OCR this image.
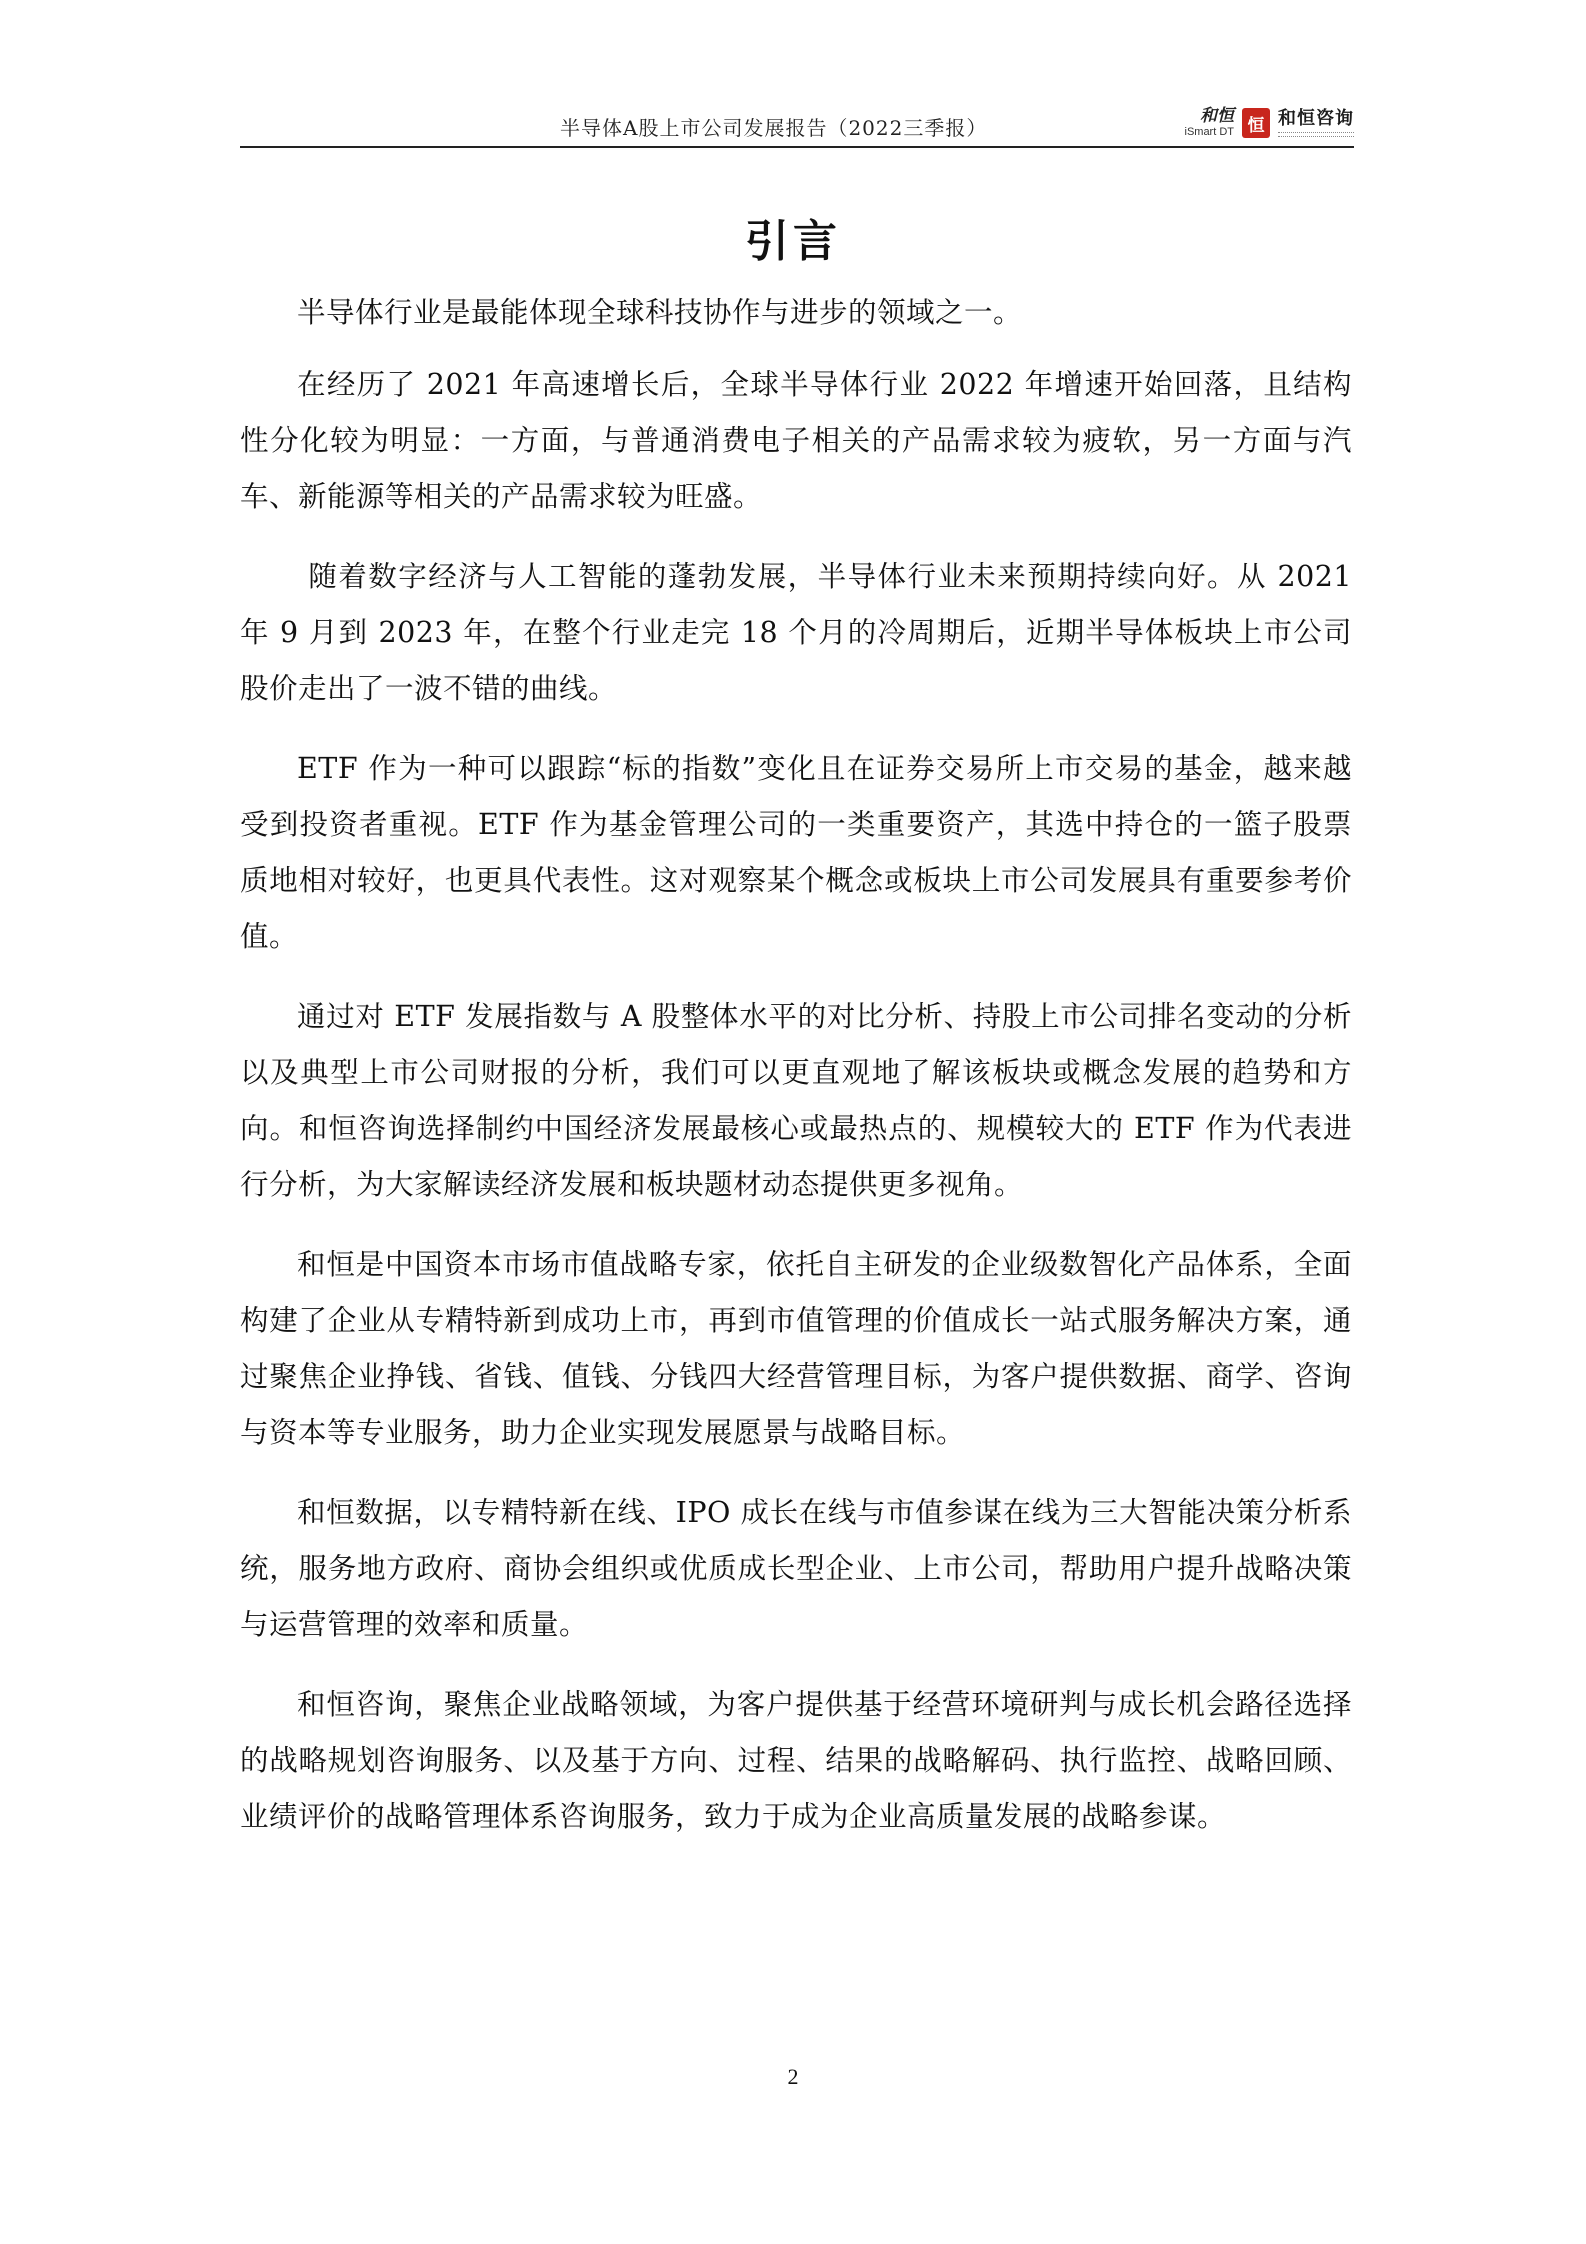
半导体A股上市公司发展报告（2022三季报）	和恒
iSmart DT 恒 和恒咨询
引言

半导体行业是最能体现全球科技协作与进步的领域之一。

在经历了 2021 年高速增长后，全球半导体行业 2022 年增速开始回落，且结构性分化较为明显：一方面，与普通消费电子相关的产品需求较为疲软，另一方面与汽车、新能源等相关的产品需求较为旺盛。

随着数字经济与人工智能的蓬勃发展，半导体行业未来预期持续向好。从 2021 年 9 月到 2023 年，在整个行业走完 18 个月的冷周期后，近期半导体板块上市公司股价走出了一波不错的曲线。

ETF 作为一种可以跟踪“标的指数”变化且在证券交易所上市交易的基金，越来越受到投资者重视。ETF 作为基金管理公司的一类重要资产，其选中持仓的一篮子股票质地相对较好，也更具代表性。这对观察某个概念或板块上市公司发展具有重要参考价值。

通过对 ETF 发展指数与 A 股整体水平的对比分析、持股上市公司排名变动的分析以及典型上市公司财报的分析，我们可以更直观地了解该板块或概念发展的趋势和方向。和恒咨询选择制约中国经济发展最核心或最热点的、规模较大的 ETF 作为代表进行分析，为大家解读经济发展和板块题材动态提供更多视角。

和恒是中国资本市场市值战略专家，依托自主研发的企业级数智化产品体系，全面构建了企业从专精特新到成功上市，再到市值管理的价值成长一站式服务解决方案，通过聚焦企业挣钱、省钱、值钱、分钱四大经营管理目标，为客户提供数据、商学、咨询与资本等专业服务，助力企业实现发展愿景与战略目标。

和恒数据，以专精特新在线、IPO 成长在线与市值参谋在线为三大智能决策分析系统，服务地方政府、商协会组织或优质成长型企业、上市公司，帮助用户提升战略决策与运营管理的效率和质量。

和恒咨询，聚焦企业战略领域，为客户提供基于经营环境研判与成长机会路径选择的战略规划咨询服务、以及基于方向、过程、结果的战略解码、执行监控、战略回顾、业绩评价的战略管理体系咨询服务，致力于成为企业高质量发展的战略参谋。

2
